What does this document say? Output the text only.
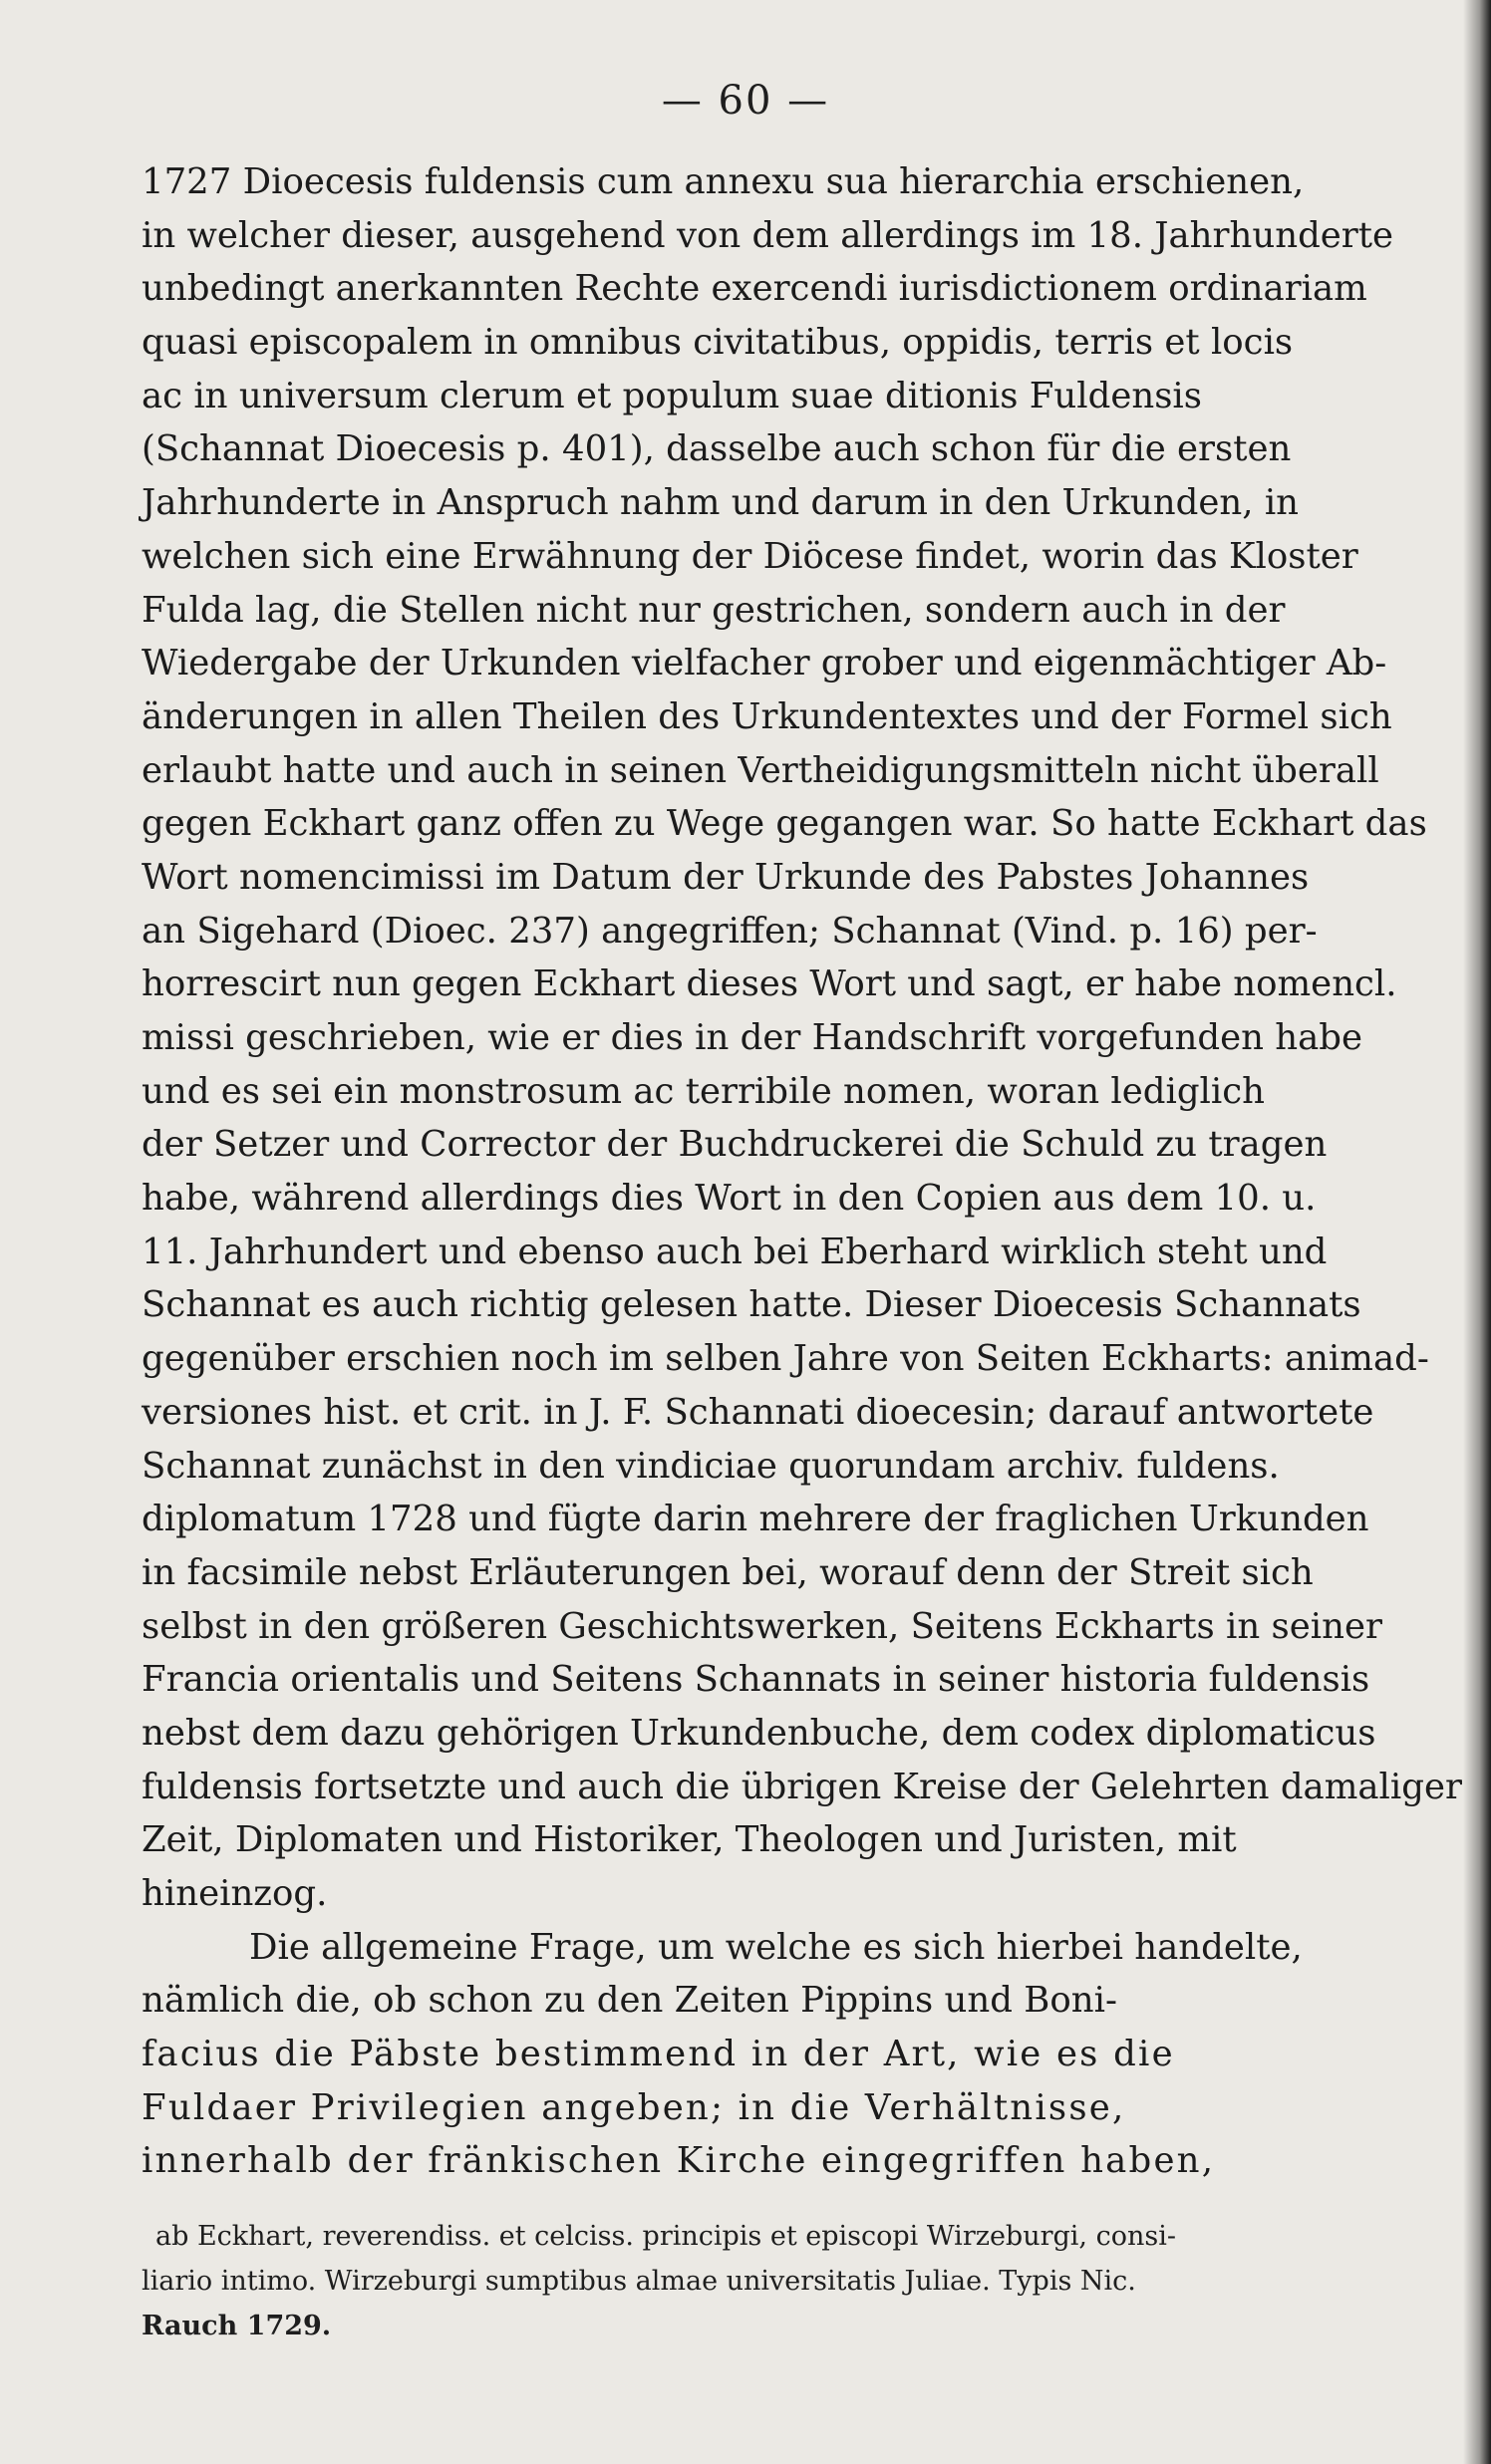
— 60 —
1727 Dioecesis fuldensis cum annexu sua hierarchia erschienen,
in welcher dieser, ausgehend von dem allerdings im 18. Jahrhunderte
unbedingt anerkannten Rechte exercendi iurisdictionem ordinariam
quasi episcopalem in omnibus civitatibus, oppidis, terris et locis
ac in universum clerum et populum suae ditionis Fuldensis
(Schannat Dioecesis p. 401), dasselbe auch schon für die ersten
Jahrhunderte in Anspruch nahm und darum in den Urkunden, in
welchen sich eine Erwähnung der Diöcese findet, worin das Kloster
Fulda lag, die Stellen nicht nur gestrichen, sondern auch in der
Wiedergabe der Urkunden vielfacher grober und eigenmächtiger Ab-
änderungen in allen Theilen des Urkundentextes und der Formel sich
erlaubt hatte und auch in seinen Vertheidigungsmitteln nicht überall
gegen Eckhart ganz offen zu Wege gegangen war. So hatte Eckhart das
Wort nomencimissi im Datum der Urkunde des Pabstes Johannes
an Sigehard (Dioec. 237) angegriffen; Schannat (Vind. p. 16) per-
horrescirt nun gegen Eckhart dieses Wort und sagt, er habe nomencl.
missi geschrieben, wie er dies in der Handschrift vorgefunden habe
und es sei ein monstrosum ac terribile nomen, woran lediglich
der Setzer und Corrector der Buchdruckerei die Schuld zu tragen
habe, während allerdings dies Wort in den Copien aus dem 10. u.
11. Jahrhundert und ebenso auch bei Eberhard wirklich steht und
Schannat es auch richtig gelesen hatte. Dieser Dioecesis Schannats
gegenüber erschien noch im selben Jahre von Seiten Eckharts: animad-
versiones hist. et crit. in J. F. Schannati dioecesin; darauf antwortete
Schannat zunächst in den vindiciae quorundam archiv. fuldens.
diplomatum 1728 und fügte darin mehrere der fraglichen Urkunden
in facsimile nebst Erläuterungen bei, worauf denn der Streit sich
selbst in den größeren Geschichtswerken, Seitens Eckharts in seiner
Francia orientalis und Seitens Schannats in seiner historia fuldensis
nebst dem dazu gehörigen Urkundenbuche, dem codex diplomaticus
fuldensis fortsetzte und auch die übrigen Kreise der Gelehrten damaliger
Zeit, Diplomaten und Historiker, Theologen und Juristen, mit
hineinzog.
Die allgemeine Frage, um welche es sich hierbei handelte,
nämlich die, ob schon zu den Zeiten Pippins und Boni-
facius die Päbste bestimmend in der Art, wie es die
Fuldaer Privilegien angeben; in die Verhältnisse,
innerhalb der fränkischen Kirche eingegriffen haben,
ab Eckhart, reverendiss. et celciss. principis et episcopi Wirzeburgi, consi-
liario intimo. Wirzeburgi sumptibus almae universitatis Juliae. Typis Nic.
Rauch 1729.
